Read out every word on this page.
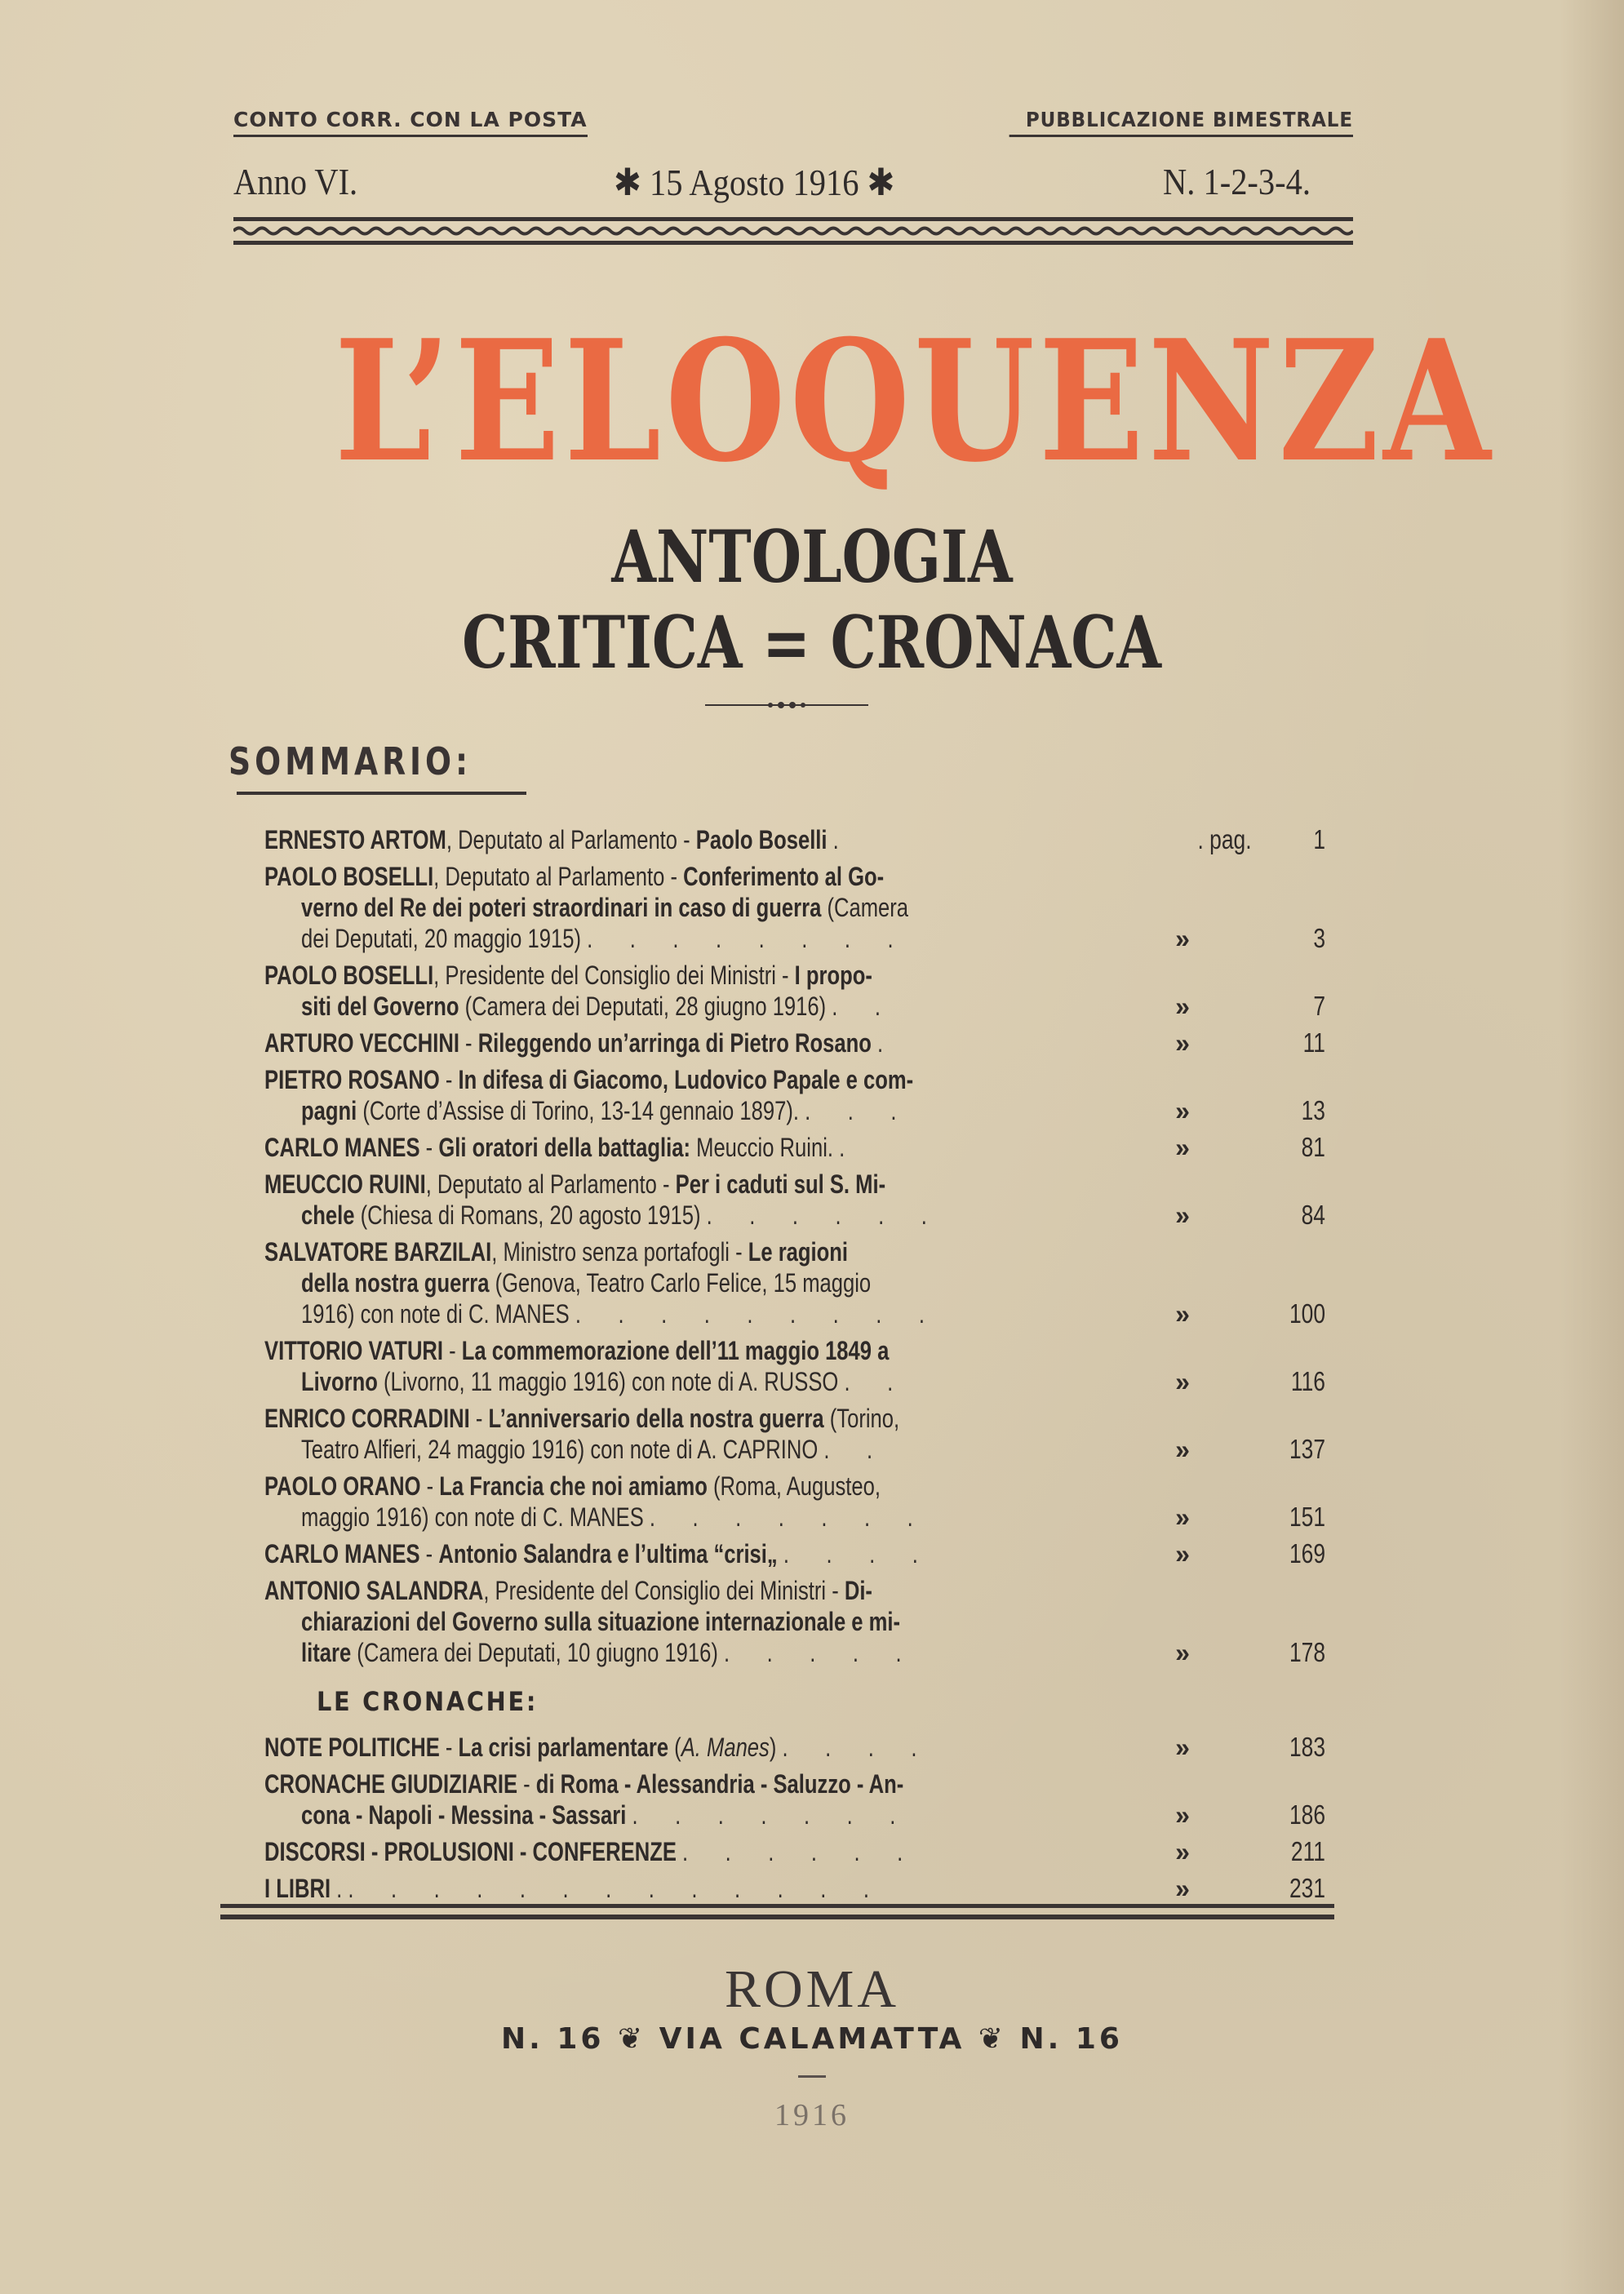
CONTO CORR. CON LA POSTA	PUBBLICAZIONE BIMESTRALE
Anno VI.	✱ 15 Agosto 1916 ✱	N. 1-2-3-4.
L’ELOQUENZA
ANTOLOGIA
CRITICA = CRONACA
SOMMARIO:
ERNESTO ARTOM, Deputato al Parlamento - Paolo Boselli .	. pag.	1
PAOLO BOSELLI, Deputato al Parlamento - Conferimento al Go-
verno del Re dei poteri straordinari in caso di guerra (Camera
dei Deputati, 20 maggio 1915) . . . . . . . .	»	3
PAOLO BOSELLI, Presidente del Consiglio dei Ministri - I propo-
siti del Governo (Camera dei Deputati, 28 giugno 1916) . .	»	7
ARTURO VECCHINI - Rileggendo un’arringa di Pietro Rosano .	»	11
PIETRO ROSANO - In difesa di Giacomo, Ludovico Papale e com-
pagni (Corte d’Assise di Torino, 13-14 gennaio 1897). . . .	»	13
CARLO MANES - Gli oratori della battaglia: Meuccio Ruini. .	»	81
MEUCCIO RUINI, Deputato al Parlamento - Per i caduti sul S. Mi-
chele (Chiesa di Romans, 20 agosto 1915) . . . . . .	»	84
SALVATORE BARZILAI, Ministro senza portafogli - Le ragioni
della nostra guerra (Genova, Teatro Carlo Felice, 15 maggio
1916) con note di C. MANES . . . . . . . . .	»	100
VITTORIO VATURI - La commemorazione dell’11 maggio 1849 a
Livorno (Livorno, 11 maggio 1916) con note di A. RUSSO . .	»	116
ENRICO CORRADINI - L’anniversario della nostra guerra (Torino,
Teatro Alfieri, 24 maggio 1916) con note di A. CAPRINO . .	»	137
PAOLO ORANO - La Francia che noi amiamo (Roma, Augusteo,
maggio 1916) con note di C. MANES . . . . . . .	»	151
CARLO MANES - Antonio Salandra e l’ultima “crisi„ . . . .	»	169
ANTONIO SALANDRA, Presidente del Consiglio dei Ministri - Di-
chiarazioni del Governo sulla situazione internazionale e mi-
litare (Camera dei Deputati, 10 giugno 1916) . . . . .	»	178
LE CRONACHE:
NOTE POLITICHE - La crisi parlamentare (A. Manes) . . . .	»	183
CRONACHE GIUDIZIARIE - di Roma - Alessandria - Saluzzo - An-
cona - Napoli - Messina - Sassari . . . . . . .	»	186
DISCORSI - PROLUSIONI - CONFERENZE . . . . . .	»	211
I LIBRI . . . . . . . . . . . . . .	»	231
ROMA
N. 16 ❦ VIA CALAMATTA ❦ N. 16
1916
